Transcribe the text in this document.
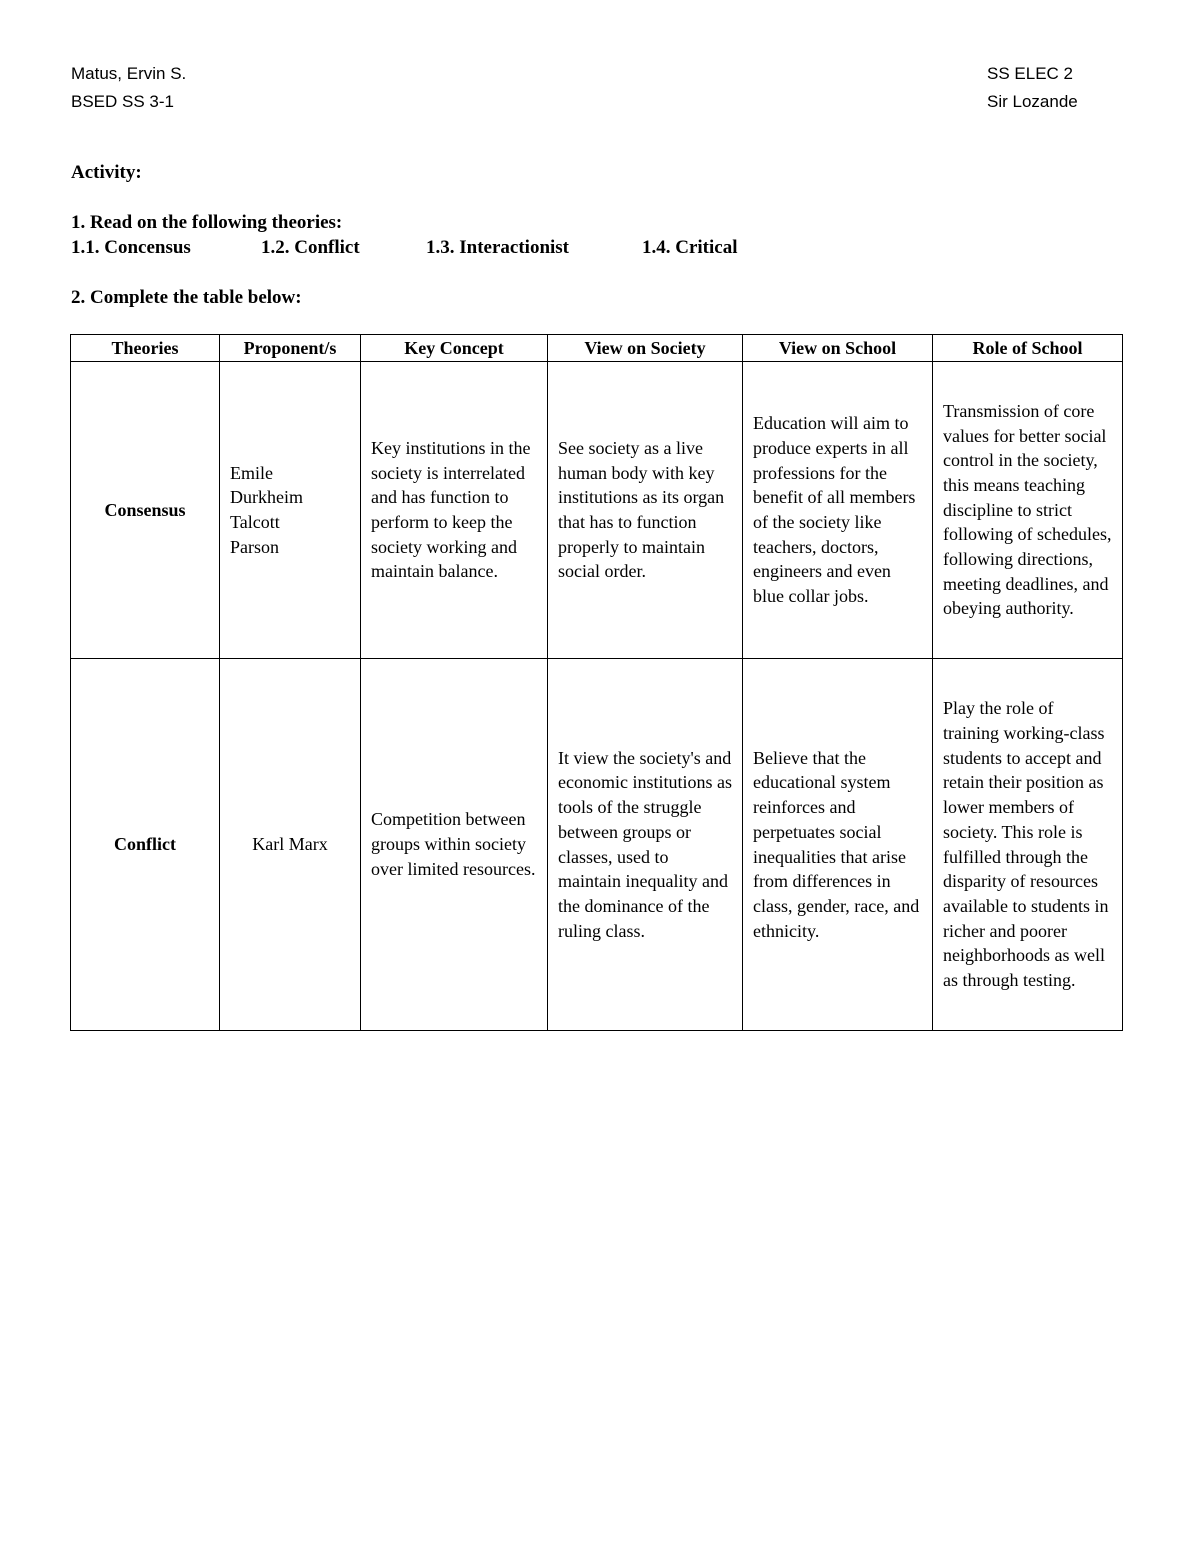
Matus, Ervin S.
BSED SS 3-1
SS ELEC 2
Sir Lozande
Activity:
1. Read on the following theories:
1.1. Concensus	1.2. Conflict	1.3. Interactionist	1.4. Critical
2. Complete the table below:
Theories	Proponent/s	Key Concept	View on Society	View on School	Role of School
Consensus	Emile
Durkheim
Talcott
Parson	Key institutions in the society is interrelated and has function to perform to keep the society working and maintain balance.	See society as a live human body with key institutions as its organ that has to function properly to maintain social order.	Education will aim to produce experts in all professions for the benefit of all members of the society like teachers, doctors, engineers and even blue collar jobs.	Transmission of core values for better social control in the society, this means teaching discipline to strict following of schedules, following directions, meeting deadlines, and obeying authority.
Conflict	Karl Marx	Competition between groups within society over limited resources.	It view the society's and economic institutions as tools of the struggle between groups or classes, used to maintain inequality and the dominance of the ruling class.	Believe that the educational system reinforces and perpetuates social inequalities that arise from differences in class, gender, race, and ethnicity.	Play the role of training working-class students to accept and retain their position as lower members of society. This role is fulfilled through the disparity of resources available to students in richer and poorer neighborhoods as well as through testing.
